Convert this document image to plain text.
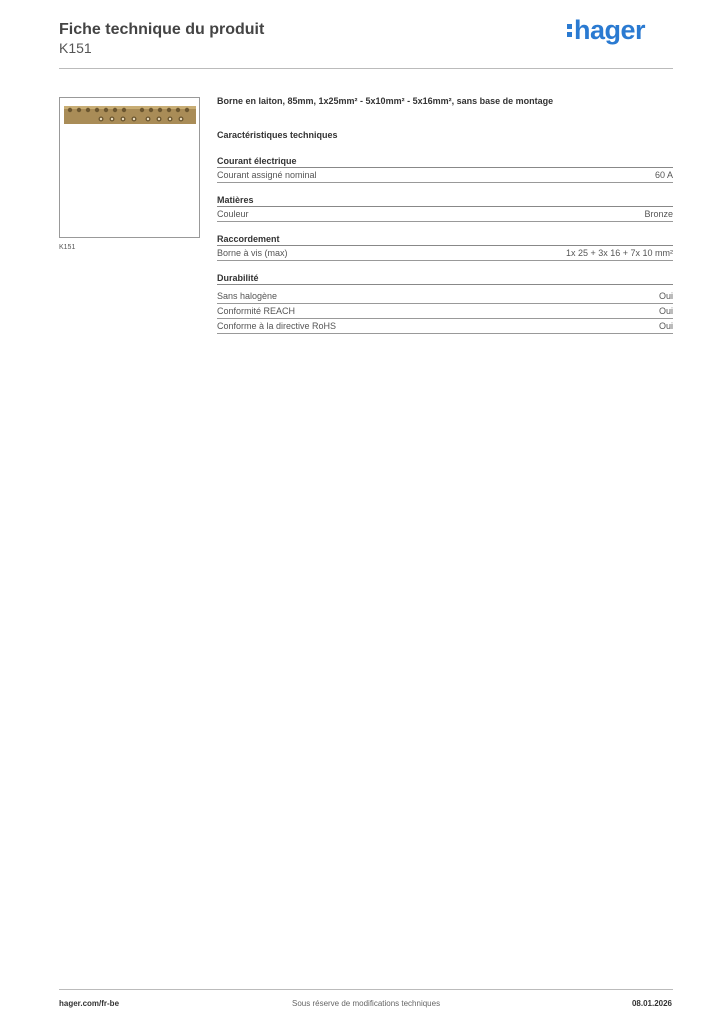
Fiche technique du produit
K151
hager
K151
Borne en laiton, 85mm, 1x25mm² - 5x10mm² - 5x16mm², sans base de montage
Caractéristiques techniques
Courant électrique
Courant assigné nominal	60 A
Matières
Couleur	Bronze
Raccordement
Borne à vis (max)	1x 25 + 3x 16 + 7x 10 mm²
Durabilité
Sans halogène	Oui
Conformité REACH	Oui
Conforme à la directive RoHS	Oui
hager.com/fr-be	Sous réserve de modifications techniques	08.01.2026
